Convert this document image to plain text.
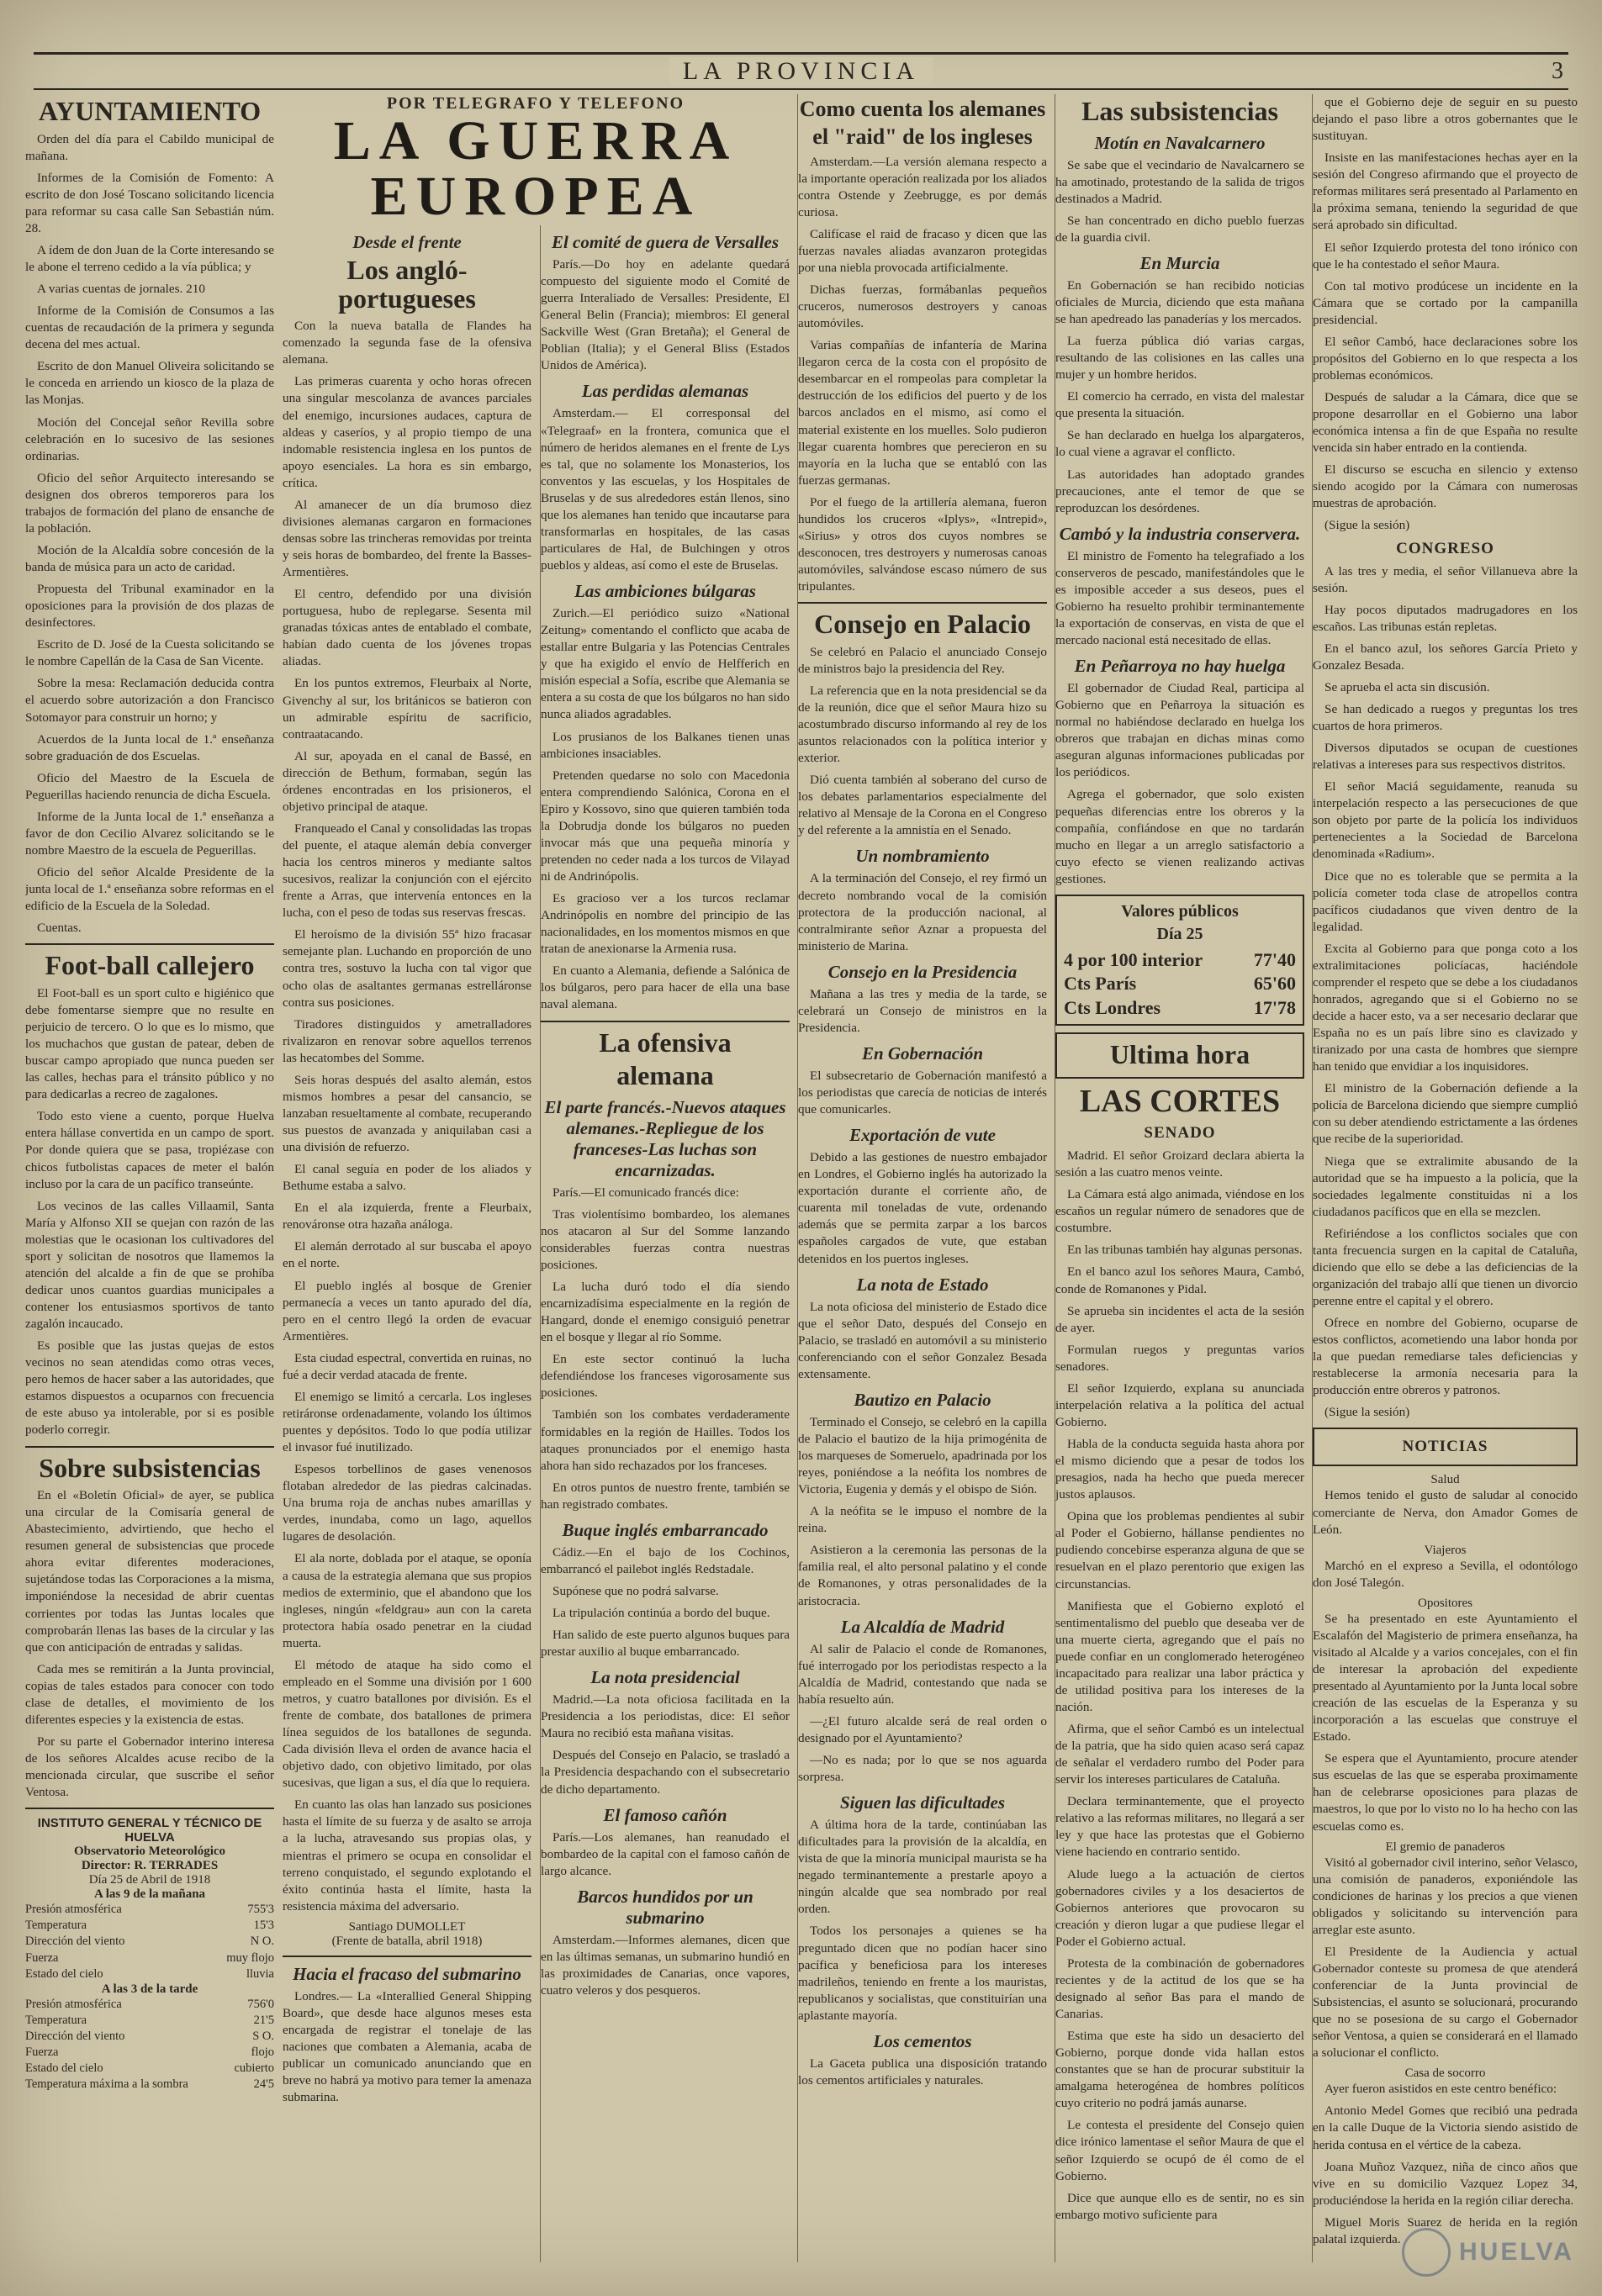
LA PROVINCIA	3
AYUNTAMIENTO

Orden del día para el Cabildo municipal de mañana.

Informes de la Comisión de Fomento: A escrito de don José Toscano solicitando licencia para reformar su casa calle San Sebastián núm. 28.

A ídem de don Juan de la Corte interesando se le abone el terreno cedido a la vía pública; y

A varias cuentas de jornales. 210

Informe de la Comisión de Consumos a las cuentas de recaudación de la primera y segunda decena del mes actual.

Escrito de don Manuel Oliveira solicitando se le conceda en arriendo un kiosco de la plaza de las Monjas.

Moción del Concejal señor Revilla sobre celebración en lo sucesivo de las sesiones ordinarias.

Oficio del señor Arquitecto interesando se designen dos obreros temporeros para los trabajos de formación del plano de ensanche de la población.

Moción de la Alcaldía sobre concesión de la banda de música para un acto de caridad.

Propuesta del Tribunal examinador en la oposiciones para la provisión de dos plazas de desinfectores.

Escrito de D. José de la Cuesta solicitando se le nombre Capellán de la Casa de San Vicente.

Sobre la mesa: Reclamación deducida contra el acuerdo sobre autorización a don Francisco Sotomayor para construir un horno; y

Acuerdos de la Junta local de 1.ª enseñanza sobre graduación de dos Escuelas.

Oficio del Maestro de la Escuela de Peguerillas haciendo renuncia de dicha Escuela.

Informe de la Junta local de 1.ª enseñanza a favor de don Cecilio Alvarez solicitando se le nombre Maestro de la escuela de Peguerillas.

Oficio del señor Alcalde Presidente de la junta local de 1.ª enseñanza sobre reformas en el edificio de la Escuela de la Soledad.

Cuentas.

Foot-ball callejero

El Foot-ball es un sport culto e higiénico que debe fomentarse siempre que no resulte en perjuicio de tercero. O lo que es lo mismo, que los muchachos que gustan de patear, deben de buscar campo apropiado que nunca pueden ser las calles, hechas para el tránsito público y no para dedicarlas a recreo de zagalones.

Todo esto viene a cuento, porque Huelva entera hállase convertida en un campo de sport. Por donde quiera que se pasa, tropiézase con chicos futbolistas capaces de meter el balón incluso por la cara de un pacífico transeúnte.

Los vecinos de las calles Villaamil, Santa María y Alfonso XII se quejan con razón de las molestias que le ocasionan los cultivadores del sport y solicitan de nosotros que llamemos la atención del alcalde a fin de que se prohíba dedicar unos cuantos guardias municipales a contener los entusiasmos sportivos de tanto zagalón incaucado.

Es posible que las justas quejas de estos vecinos no sean atendidas como otras veces, pero hemos de hacer saber a las autoridades, que estamos dispuestos a ocuparnos con frecuencia de este abuso ya intolerable, por si es posible poderlo corregir.

Sobre subsistencias

En el «Boletín Oficial» de ayer, se publica una circular de la Comisaría general de Abastecimiento, advirtiendo, que hecho el resumen general de subsistencias que procede ahora evitar diferentes moderaciones, sujetándose todas las Corporaciones a la misma, imponiéndose la necesidad de abrir cuentas corrientes por todas las Juntas locales que comprobarán llenas las bases de la circular y las que con anticipación de entradas y salidas.

Cada mes se remitirán a la Junta provincial, copias de tales estados para conocer con todo clase de detalles, el movimiento de los diferentes especies y la existencia de estas.

Por su parte el Gobernador interino interesa de los señores Alcaldes acuse recibo de la mencionada circular, que suscribe el señor Ventosa.

INSTITUTO GENERAL Y TÉCNICO DE HUELVA
Observatorio Meteorológico
Director: R. TERRADES
Día 25 de Abril de 1918
A las 9 de la mañana
Presión atmosférica	755'3
Temperatura	15'3
Dirección del viento	N O.
Fuerza	muy flojo
Estado del cielo	lluvia
A las 3 de la tarde
Presión atmosférica	756'0
Temperatura	21'5
Dirección del viento	S O.
Fuerza	flojo
Estado del cielo	cubierto
Temperatura máxima a la sombra	24'5
POR TELEGRAFO Y TELEFONO
LA GUERRA
EUROPEA
Desde el frente
Los angló-portugueses

Con la nueva batalla de Flandes ha comenzado la segunda fase de la ofensiva alemana.

Las primeras cuarenta y ocho horas ofrecen una singular mescolanza de avances parciales del enemigo, incursiones audaces, captura de aldeas y caseríos, y al propio tiempo de una indomable resistencia inglesa en los puntos de apoyo esenciales. La hora es sin embargo, crítica.

Al amanecer de un día brumoso diez divisiones alemanas cargaron en formaciones densas sobre las trincheras removidas por treinta y seis horas de bombardeo, del frente la Basses-Armentières.

El centro, defendido por una división portuguesa, hubo de replegarse. Sesenta mil granadas tóxicas antes de entablado el combate, habían dado cuenta de los jóvenes tropas aliadas.

En los puntos extremos, Fleurbaix al Norte, Givenchy al sur, los británicos se batieron con un admirable espíritu de sacrificio, contraatacando.

Al sur, apoyada en el canal de Bassé, en dirección de Bethum, formaban, según las órdenes encontradas en los prisioneros, el objetivo principal de ataque.

Franqueado el Canal y consolidadas las tropas del puente, el ataque alemán debía converger hacia los centros mineros y mediante saltos sucesivos, realizar la conjunción con el ejército frente a Arras, que intervenía entonces en la lucha, con el peso de todas sus reservas frescas.

El heroísmo de la división 55ª hizo fracasar semejante plan. Luchando en proporción de uno contra tres, sostuvo la lucha con tal vigor que ocho olas de asaltantes germanas estrelláronse contra sus posiciones.

Tiradores distinguidos y ametralladores rivalizaron en renovar sobre aquellos terrenos las hecatombes del Somme.

Seis horas después del asalto alemán, estos mismos hombres a pesar del cansancio, se lanzaban resueltamente al combate, recuperando sus puestos de avanzada y aniquilaban casi a una división de refuerzo.

El canal seguía en poder de los aliados y Bethume estaba a salvo.

En el ala izquierda, frente a Fleurbaix, renováronse otra hazaña análoga.

El alemán derrotado al sur buscaba el apoyo en el norte.

El pueblo inglés al bosque de Grenier permanecía a veces un tanto apurado del día, pero en el centro llegó la orden de evacuar Armentières.

Esta ciudad espectral, convertida en ruinas, no fué a decir verdad atacada de frente.

El enemigo se limitó a cercarla. Los ingleses retiráronse ordenadamente, volando los últimos puentes y depósitos. Todo lo que podía utilizar el invasor fué inutilizado.

Espesos torbellinos de gases venenosos flotaban alrededor de las piedras calcinadas. Una bruma roja de anchas nubes amarillas y verdes, inundaba, como un lago, aquellos lugares de desolación.

El ala norte, doblada por el ataque, se oponía a causa de la estrategia alemana que sus propios medios de exterminio, que el abandono que los ingleses, ningún «feldgrau» aun con la careta protectora había osado penetrar en la ciudad muerta.

El método de ataque ha sido como el empleado en el Somme una división por 1 600 metros, y cuatro batallones por división. Es el frente de combate, dos batallones de primera línea seguidos de los batallones de segunda. Cada división lleva el orden de avance hacia el objetivo dado, con objetivo limitado, por olas sucesivas, que ligan a sus, el día que lo requiera.

En cuanto las olas han lanzado sus posiciones hasta el límite de su fuerza y de asalto se arroja a la lucha, atravesando sus propias olas, y mientras el primero se ocupa en consolidar el terreno conquistado, el segundo explotando el éxito continúa hasta el límite, hasta la resistencia máxima del adversario.

Santiago DUMOLLET
(Frente de batalla, abril 1918)
Hacia el fracaso del submarino

Londres.— La «Interallied General Shipping Board», que desde hace algunos meses esta encargada de registrar el tonelaje de las naciones que combaten a Alemania, acaba de publicar un comunicado anunciando que en breve no habrá ya motivo para temer la amenaza submarina.

El comité de guera de Versalles

París.—Do hoy en adelante quedará compuesto del siguiente modo el Comité de guerra Interaliado de Versalles: Presidente, El General Belin (Francia); miembros: El general Sackville West (Gran Bretaña); el General de Poblian (Italia); y el General Bliss (Estados Unidos de América).

Las perdidas alemanas

Amsterdam.— El corresponsal del «Telegraaf» en la frontera, comunica que el número de heridos alemanes en el frente de Lys es tal, que no solamente los Monasterios, los conventos y las escuelas, y los Hospitales de Bruselas y de sus alrededores están llenos, sino que los alemanes han tenido que incautarse para transformarlas en hospitales, de las casas particulares de Hal, de Bulchingen y otros pueblos y aldeas, así como el este de Bruselas.

Las ambiciones búlgaras

Zurich.—El periódico suizo «National Zeitung» comentando el conflicto que acaba de estallar entre Bulgaria y las Potencias Centrales y que ha exigido el envío de Helfferich en misión especial a Sofía, escribe que Alemania se entera a su costa de que los búlgaros no han sido nunca aliados agradables.

Los prusianos de los Balkanes tienen unas ambiciones insaciables.

Pretenden quedarse no solo con Macedonia entera comprendiendo Salónica, Corona en el Epiro y Kossovo, sino que quieren también toda la Dobrudja donde los búlgaros no pueden invocar más que una pequeña minoría y pretenden no ceder nada a los turcos de Vilayad ni de Andrinópolis.

Es gracioso ver a los turcos reclamar Andrinópolis en nombre del principio de las nacionalidades, en los momentos mismos en que tratan de anexionarse la Armenia rusa.

En cuanto a Alemania, defiende a Salónica de los búlgaros, pero para hacer de ella una base naval alemana.

La ofensiva
alemana
El parte francés.-Nuevos ataques alemanes.-Repliegue de los franceses-Las luchas son encarnizadas.

París.—El comunicado francés dice:

Tras violentísimo bombardeo, los alemanes nos atacaron al Sur del Somme lanzando considerables fuerzas contra nuestras posiciones.

La lucha duró todo el día siendo encarnizadísima especialmente en la región de Hangard, donde el enemigo consiguió penetrar en el bosque y llegar al río Somme.

En este sector continuó la lucha defendiéndose los franceses vigorosamente sus posiciones.

También son los combates verdaderamente formidables en la región de Hailles. Todos los ataques pronunciados por el enemigo hasta ahora han sido rechazados por los franceses.

En otros puntos de nuestro frente, también se han registrado combates.

Buque inglés embarrancado

Cádiz.—En el bajo de los Cochinos, embarrancó el pailebot inglés Redstadale.

Supónese que no podrá salvarse.

La tripulación continúa a bordo del buque.

Han salido de este puerto algunos buques para prestar auxilio al buque embarrancado.

La nota presidencial

Madrid.—La nota oficiosa facilitada en la Presidencia a los periodistas, dice: El señor Maura no recibió esta mañana visitas.

Después del Consejo en Palacio, se trasladó a la Presidencia despachando con el subsecretario de dicho departamento.

El famoso cañón

París.—Los alemanes, han reanudado el bombardeo de la capital con el famoso cañón de largo alcance.

Barcos hundidos por un submarino

Amsterdam.—Informes alemanes, dicen que en las últimas semanas, un submarino hundió en las proximidades de Canarias, once vapores, cuatro veleros y dos pesqueros.

Como cuenta los alemanes
el "raid" de los ingleses

Amsterdam.—La versión alemana respecto a la importante operación realizada por los aliados contra Ostende y Zeebrugge, es por demás curiosa.

Califícase el raid de fracaso y dicen que las fuerzas navales aliadas avanzaron protegidas por una niebla provocada artificialmente.

Dichas fuerzas, formábanlas pequeños cruceros, numerosos destroyers y canoas automóviles.

Varias compañías de infantería de Marina llegaron cerca de la costa con el propósito de desembarcar en el rompeolas para completar la destrucción de los edificios del puerto y de los barcos anclados en el mismo, así como el material existente en los muelles. Solo pudieron llegar cuarenta hombres que perecieron en su mayoría en la lucha que se entabló con las fuerzas germanas.

Por el fuego de la artillería alemana, fueron hundidos los cruceros «Iplys», «Intrepid», «Sirius» y otros dos cuyos nombres se desconocen, tres destroyers y numerosas canoas automóviles, salvándose escaso número de sus tripulantes.

Consejo en Palacio

Se celebró en Palacio el anunciado Consejo de ministros bajo la presidencia del Rey.

La referencia que en la nota presidencial se da de la reunión, dice que el señor Maura hizo su acostumbrado discurso informando al rey de los asuntos relacionados con la política interior y exterior.

Dió cuenta también al soberano del curso de los debates parlamentarios especialmente del relativo al Mensaje de la Corona en el Congreso y del referente a la amnistía en el Senado.

Un nombramiento

A la terminación del Consejo, el rey firmó un decreto nombrando vocal de la comisión protectora de la producción nacional, al contralmirante señor Aznar a propuesta del ministerio de Marina.

Consejo en la Presidencia

Mañana a las tres y media de la tarde, se celebrará un Consejo de ministros en la Presidencia.

En Gobernación

El subsecretario de Gobernación manifestó a los periodistas que carecía de noticias de interés que comunicarles.

Exportación de vute

Debido a las gestiones de nuestro embajador en Londres, el Gobierno inglés ha autorizado la exportación durante el corriente año, de cuarenta mil toneladas de vute, ordenando además que se permita zarpar a los barcos españoles cargados de vute, que estaban detenidos en los puertos ingleses.

La nota de Estado

La nota oficiosa del ministerio de Estado dice que el señor Dato, después del Consejo en Palacio, se trasladó en automóvil a su ministerio conferenciando con el señor Gonzalez Besada extensamente.

Bautizo en Palacio

Terminado el Consejo, se celebró en la capilla de Palacio el bautizo de la hija primogénita de los marqueses de Someruelo, apadrinada por los reyes, poniéndose a la neófita los nombres de Victoria, Eugenia y demás y el obispo de Sión.

A la neófita se le impuso el nombre de la reina.

Asistieron a la ceremonia las personas de la familia real, el alto personal palatino y el conde de Romanones, y otras personalidades de la aristocracia.

La Alcaldía de Madrid

Al salir de Palacio el conde de Romanones, fué interrogado por los periodistas respecto a la Alcaldía de Madrid, contestando que nada se había resuelto aún.

—¿El futuro alcalde será de real orden o designado por el Ayuntamiento?

—No es nada; por lo que se nos aguarda sorpresa.

Siguen las dificultades

A última hora de la tarde, continúaban las dificultades para la provisión de la alcaldía, en vista de que la minoría municipal maurista se ha negado terminantemente a prestarle apoyo a ningún alcalde que sea nombrado por real orden.

Todos los personajes a quienes se ha preguntado dicen que no podían hacer sino pacífica y beneficiosa para los intereses madrileños, teniendo en frente a los mauristas, republicanos y socialistas, que constituirían una aplastante mayoría.

Los cementos

La Gaceta publica una disposición tratando los cementos artificiales y naturales.

Las subsistencias
Motín en Navalcarnero

Se sabe que el vecindario de Navalcarnero se ha amotinado, protestando de la salida de trigos destinados a Madrid.

Se han concentrado en dicho pueblo fuerzas de la guardia civil.

En Murcia

En Gobernación se han recibido noticias oficiales de Murcia, diciendo que esta mañana se han apedreado las panaderías y los mercados.

La fuerza pública dió varias cargas, resultando de las colisiones en las calles una mujer y un hombre heridos.

El comercio ha cerrado, en vista del malestar que presenta la situación.

Se han declarado en huelga los alpargateros, lo cual viene a agravar el conflicto.

Las autoridades han adoptado grandes precauciones, ante el temor de que se reproduzcan los desórdenes.

Cambó y la industria conservera.

El ministro de Fomento ha telegrafiado a los conserveros de pescado, manifestándoles que le es imposible acceder a sus deseos, pues el Gobierno ha resuelto prohibir terminantemente la exportación de conservas, en vista de que el mercado nacional está necesitado de ellas.

En Peñarroya no hay huelga

El gobernador de Ciudad Real, participa al Gobierno que en Peñarroya la situación es normal no habiéndose declarado en huelga los obreros que trabajan en dichas minas como aseguran algunas informaciones publicadas por los periódicos.

Agrega el gobernador, que solo existen pequeñas diferencias entre los obreros y la compañía, confiándose en que no tardarán mucho en llegar a un arreglo satisfactorio a cuyo efecto se vienen realizando activas gestiones.

Valores públicos
Día 25
4 por 100 interior	77'40
Cts París	65'60
Cts Londres	17'78
Ultima hora
LAS CORTES
SENADO

Madrid. El señor Groizard declara abierta la sesión a las cuatro menos veinte.

La Cámara está algo animada, viéndose en los escaños un regular número de senadores que de costumbre.

En las tribunas también hay algunas personas.

En el banco azul los señores Maura, Cambó, conde de Romanones y Pidal.

Se aprueba sin incidentes el acta de la sesión de ayer.

Formulan ruegos y preguntas varios senadores.

El señor Izquierdo, explana su anunciada interpelación relativa a la política del actual Gobierno.

Habla de la conducta seguida hasta ahora por el mismo diciendo que a pesar de todos los presagios, nada ha hecho que pueda merecer justos aplausos.

Opina que los problemas pendientes al subir al Poder el Gobierno, hállanse pendientes no pudiendo concebirse esperanza alguna de que se resuelvan en el plazo perentorio que exigen las circunstancias.

Manifiesta que el Gobierno explotó el sentimentalismo del pueblo que deseaba ver de una muerte cierta, agregando que el país no puede confiar en un conglomerado heterogéneo incapacitado para realizar una labor práctica y de utilidad positiva para los intereses de la nación.

Afirma, que el señor Cambó es un intelectual de la patria, que ha sido quien acaso será capaz de señalar el verdadero rumbo del Poder para servir los intereses particulares de Cataluña.

Declara terminantemente, que el proyecto relativo a las reformas militares, no llegará a ser ley y que hace las protestas que el Gobierno viene haciendo en contrario sentido.

Alude luego a la actuación de ciertos gobernadores civiles y a los desaciertos de Gobiernos anteriores que provocaron su creación y dieron lugar a que pudiese llegar el Poder el Gobierno actual.

Protesta de la combinación de gobernadores recientes y de la actitud de los que se ha designado al señor Bas para el mando de Canarias.

Estima que este ha sido un desacierto del Gobierno, porque donde vida hallan estos constantes que se han de procurar substituir la amalgama heterogénea de hombres políticos cuyo criterio no podrá jamás aunarse.

Le contesta el presidente del Consejo quien dice irónico lamentase el señor Maura de que el señor Izquierdo se ocupó de él como de el Gobierno.

Dice que aunque ello es de sentir, no es sin embargo motivo suficiente para

que el Gobierno deje de seguir en su puesto dejando el paso libre a otros gobernantes que le sustituyan.

Insiste en las manifestaciones hechas ayer en la sesión del Congreso afirmando que el proyecto de reformas militares será presentado al Parlamento en la próxima semana, teniendo la seguridad de que será aprobado sin dificultad.

El señor Izquierdo protesta del tono irónico con que le ha contestado el señor Maura.

Con tal motivo prodúcese un incidente en la Cámara que se cortado por la campanilla presidencial.

El señor Cambó, hace declaraciones sobre los propósitos del Gobierno en lo que respecta a los problemas económicos.

Después de saludar a la Cámara, dice que se propone desarrollar en el Gobierno una labor económica intensa a fin de que España no resulte vencida sin haber entrado en la contienda.

El discurso se escucha en silencio y extenso siendo acogido por la Cámara con numerosas muestras de aprobación.

(Sigue la sesión)

CONGRESO

A las tres y media, el señor Villanueva abre la sesión.

Hay pocos diputados madrugadores en los escaños. Las tribunas están repletas.

En el banco azul, los señores García Prieto y Gonzalez Besada.

Se aprueba el acta sin discusión.

Se han dedicado a ruegos y preguntas los tres cuartos de hora primeros.

Diversos diputados se ocupan de cuestiones relativas a intereses para sus respectivos distritos.

El señor Maciá seguidamente, reanuda su interpelación respecto a las persecuciones de que son objeto por parte de la policía los individuos pertenecientes a la Sociedad de Barcelona denominada «Radium».

Dice que no es tolerable que se permita a la policía cometer toda clase de atropellos contra pacíficos ciudadanos que viven dentro de la legalidad.

Excita al Gobierno para que ponga coto a los extralimitaciones policíacas, haciéndole comprender el respeto que se debe a los ciudadanos honrados, agregando que si el Gobierno no se decide a hacer esto, va a ser necesario declarar que España no es un país libre sino es clavizado y tiranizado por una casta de hombres que siempre han tenido que envidiar a los inquisidores.

El ministro de la Gobernación defiende a la policía de Barcelona diciendo que siempre cumplió con su deber atendiendo estrictamente a las órdenes que recibe de la superioridad.

Niega que se extralimite abusando de la autoridad que se ha impuesto a la policía, que la sociedades legalmente constituidas ni a los ciudadanos pacíficos que en ella se mezclen.

Refiriéndose a los conflictos sociales que con tanta frecuencia surgen en la capital de Cataluña, diciendo que ello se debe a las deficiencias de la organización del trabajo allí que tienen un divorcio perenne entre el capital y el obrero.

Ofrece en nombre del Gobierno, ocuparse de estos conflictos, acometiendo una labor honda por la que puedan remediarse tales deficiencias y restablecerse la armonía necesaria para la producción entre obreros y patronos.

(Sigue la sesión)

NOTICIAS
Salud

Hemos tenido el gusto de saludar al conocido comerciante de Nerva, don Amador Gomes de León.

Viajeros

Marchó en el expreso a Sevilla, el odontólogo don José Talegón.

Opositores

Se ha presentado en este Ayuntamiento el Escalafón del Magisterio de primera enseñanza, ha visitado al Alcalde y a varios concejales, con el fin de interesar la aprobación del expediente presentado al Ayuntamiento por la Junta local sobre creación de las escuelas de la Esperanza y su incorporación a las escuelas que construye el Estado.

Se espera que el Ayuntamiento, procure atender sus escuelas de las que se esperaba proximamente han de celebrarse oposiciones para plazas de maestros, lo que por lo visto no lo ha hecho con las escuelas como es.

El gremio de panaderos

Visitó al gobernador civil interino, señor Velasco, una comisión de panaderos, exponiéndole las condiciones de harinas y los precios a que vienen obligados y solicitando su intervención para arreglar este asunto.

El Presidente de la Audiencia y actual Gobernador conteste su promesa de que atenderá conferenciar de la Junta provincial de Subsistencias, el asunto se solucionará, procurando que no se posesiona de su cargo el Gobernador señor Ventosa, a quien se considerará en el llamado a solucionar el conflicto.

Casa de socorro

Ayer fueron asistidos en este centro benéfico:

Antonio Medel Gomes que recibió una pedrada en la calle Duque de la Victoria siendo asistido de herida contusa en el vértice de la cabeza.

Joana Muñoz Vazquez, niña de cinco años que vive en su domicilio Vazquez Lopez 34, produciéndose la herida en la región ciliar derecha.

Miguel Moris Suarez de herida en la región palatal izquierda.	HUELVA
